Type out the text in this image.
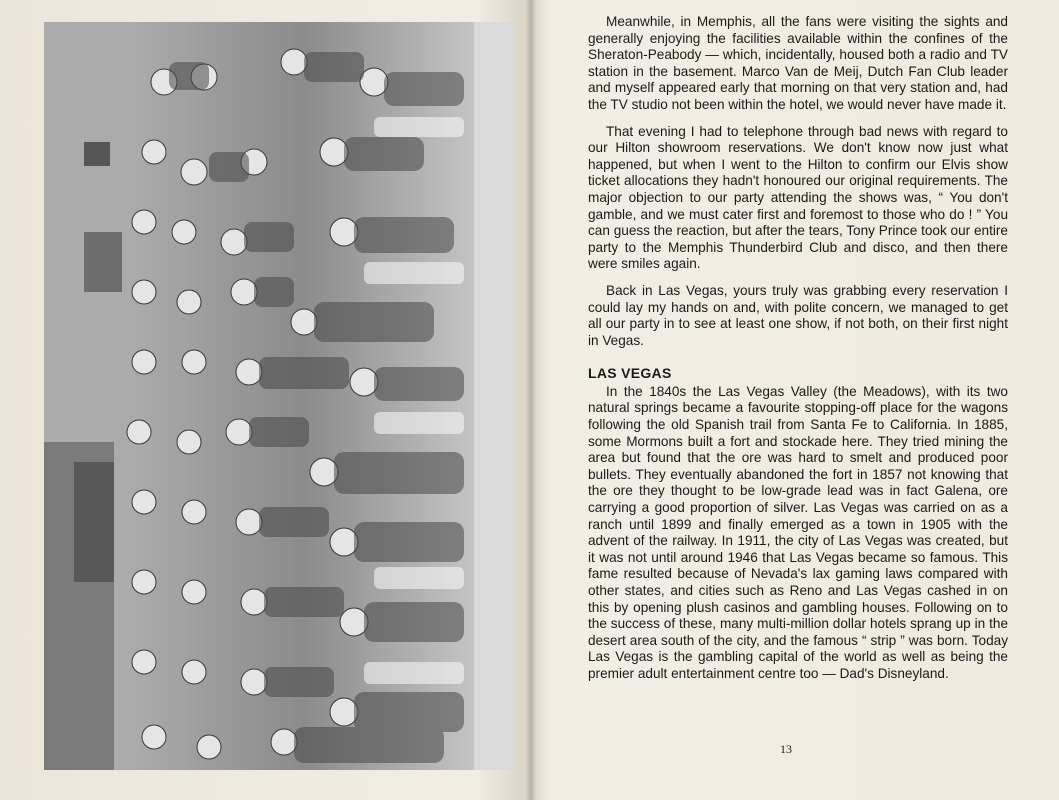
Meanwhile, in Memphis, all the fans were visiting the sights and generally enjoying the facilities available within the confines of the Sheraton-Peabody — which, incidentally, housed both a radio and TV station in the basement. Marco Van de Meij, Dutch Fan Club leader and myself appeared early that morning on that very station and, had the TV studio not been within the hotel, we would never have made it.

That evening I had to telephone through bad news with regard to our Hilton showroom reservations. We don't know now just what happened, but when I went to the Hilton to confirm our Elvis show ticket allocations they hadn't honoured our original requirements. The major objection to our party attending the shows was, “ You don't gamble, and we must cater first and foremost to those who do ! ” You can guess the reaction, but after the tears, Tony Prince took our entire party to the Memphis Thunderbird Club and disco, and then there were smiles again.

Back in Las Vegas, yours truly was grabbing every reservation I could lay my hands on and, with polite concern, we managed to get all our party in to see at least one show, if not both, on their first night in Vegas.

LAS VEGAS

In the 1840s the Las Vegas Valley (the Meadows), with its two natural springs became a favourite stopping-off place for the wagons following the old Spanish trail from Santa Fe to California. In 1885, some Mormons built a fort and stockade here. They tried mining the area but found that the ore was hard to smelt and produced poor bullets. They eventually abandoned the fort in 1857 not knowing that the ore they thought to be low-grade lead was in fact Galena, ore carrying a good proportion of silver. Las Vegas was carried on as a ranch until 1899 and finally emerged as a town in 1905 with the advent of the railway. In 1911, the city of Las Vegas was created, but it was not until around 1946 that Las Vegas became so famous. This fame resulted because of Nevada's lax gaming laws compared with other states, and cities such as Reno and Las Vegas cashed in on this by opening plush casinos and gambling houses. Following on to the success of these, many multi-million dollar hotels sprang up in the desert area south of the city, and the famous “ strip ” was born. Today Las Vegas is the gambling capital of the world as well as being the premier adult entertainment centre too — Dad's Disneyland.

13
